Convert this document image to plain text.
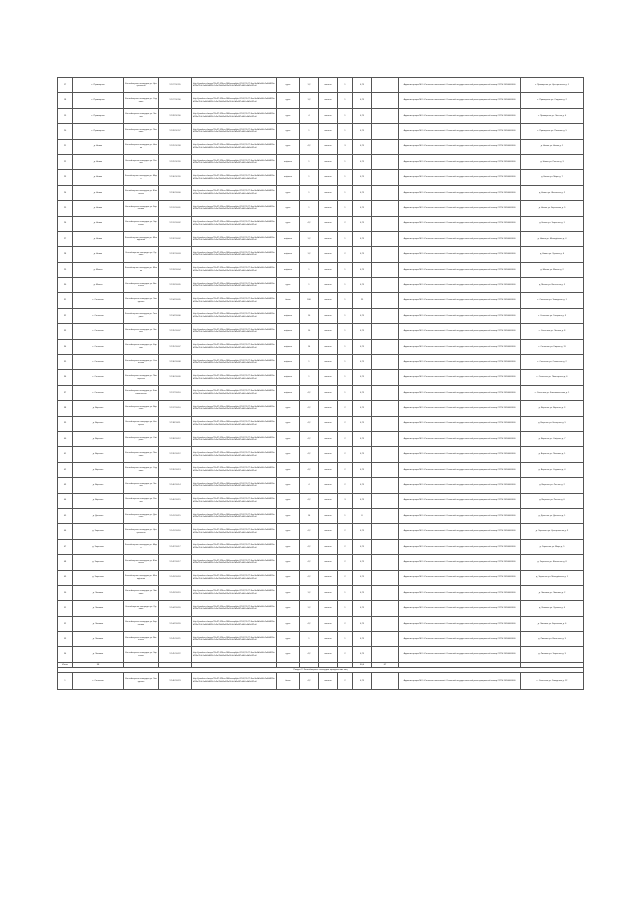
17	с. Примерное	Контейнерная площадка ул. Центральная	57.27 52.95	http://yandex.ru/maps/?ll=37.62&z=16&l=map&pt=37.62,55.75 6ee3a4d0a96c2e4b8f39ad2f0e7b1c5a4b9d8f2e1c3a7b6d5e4f3a2b1c0d9e8f7a6b5c4d3e2f1a0	грунт	1,2	металл	1	0,75		Администрация МО «Сельское поселение» Основной государственный регистрационный номер ОГРН 1050000000	с. Примерное ул. Центральная д. 1
18	с. Примерное	Контейнерная площадка ул. Садовая	57.27 52.96	http://yandex.ru/maps/?ll=37.62&z=16&l=map&pt=37.62,55.75 6ee3a4d0a96c2e4b8f39ad2f0e7b1c5a4b9d8f2e1c3a7b6d5e4f3a2b1c0d9e8f7a6b5c4d3e2f1a0	грунт	1,2	металл	1	0,75		Администрация МО «Сельское поселение» Основной государственный регистрационный номер ОГРН 1050000000	с. Примерное ул. Садовая д. 2
19	с. Примерное	Контейнерная площадка ул. Лесная	57.28 52.96	http://yandex.ru/maps/?ll=37.62&z=16&l=map&pt=37.62,55.75 6ee3a4d0a96c2e4b8f39ad2f0e7b1c5a4b9d8f2e1c3a7b6d5e4f3a2b1c0d9e8f7a6b5c4d3e2f1a0	грунт	4	металл	1	0,75		Администрация МО «Сельское поселение» Основной государственный регистрационный номер ОГРН 1050000000	с. Примерное ул. Лесная д. 4
20	с. Примерное	Контейнерная площадка ул. Полевая	57.28 52.97	http://yandex.ru/maps/?ll=37.62&z=16&l=map&pt=37.62,55.75 6ee3a4d0a96c2e4b8f39ad2f0e7b1c5a4b9d8f2e1c3a7b6d5e4f3a2b1c0d9e8f7a6b5c4d3e2f1a0	грунт	1	металл	1	0,75		Администрация МО «Сельское поселение» Основной государственный регистрационный номер ОГРН 1050000000	с. Примерное ул. Полевая д. 5
21	д. Новая	Контейнерная площадка ул. Новая	57.29 52.98	http://yandex.ru/maps/?ll=37.62&z=16&l=map&pt=37.62,55.75 6ee3a4d0a96c2e4b8f39ad2f0e7b1c5a4b9d8f2e1c3a7b6d5e4f3a2b1c0d9e8f7a6b5c4d3e2f1a0	грунт	4,2	металл	3	0,75		Администрация МО «Сельское поселение» Основной государственный регистрационный номер ОГРН 1050000000	д. Новая ул. Новая д. 1
22	д. Новая	Контейнерная площадка ул. Речная	57.29 52.99	http://yandex.ru/maps/?ll=37.62&z=16&l=map&pt=37.62,55.75 6ee3a4d0a96c2e4b8f39ad2f0e7b1c5a4b9d8f2e1c3a7b6d5e4f3a2b1c0d9e8f7a6b5c4d3e2f1a0	асфальт	1	металл	1	0,75		Администрация МО «Сельское поселение» Основной государственный регистрационный номер ОГРН 1050000000	д. Новая ул. Речная д. 3
23	д. Новая	Контейнерная площадка ул. Мира	57.30 52.99	http://yandex.ru/maps/?ll=37.62&z=16&l=map&pt=37.62,55.75 6ee3a4d0a96c2e4b8f39ad2f0e7b1c5a4b9d8f2e1c3a7b6d5e4f3a2b1c0d9e8f7a6b5c4d3e2f1a0	асфальт	1	металл	1	0,75		Администрация МО «Сельское поселение» Основной государственный регистрационный номер ОГРН 1050000000	д. Новая ул. Мира д. 7
24	д. Новая	Контейнерная площадка ул. Школьная	57.30 53.00	http://yandex.ru/maps/?ll=37.62&z=16&l=map&pt=37.62,55.75 6ee3a4d0a96c2e4b8f39ad2f0e7b1c5a4b9d8f2e1c3a7b6d5e4f3a2b1c0d9e8f7a6b5c4d3e2f1a0	грунт	1	металл	1	0,75		Администрация МО «Сельское поселение» Основной государственный регистрационный номер ОГРН 1050000000	д. Новая ул. Школьная д. 2
25	д. Новая	Контейнерная площадка ул. Береговая	57.31 53.01	http://yandex.ru/maps/?ll=37.62&z=16&l=map&pt=37.62,55.75 6ee3a4d0a96c2e4b8f39ad2f0e7b1c5a4b9d8f2e1c3a7b6d5e4f3a2b1c0d9e8f7a6b5c4d3e2f1a0	грунт	1	металл	1	0,75		Администрация МО «Сельское поселение» Основной государственный регистрационный номер ОГРН 1050000000	д. Новая ул. Береговая д. 9
26	д. Новая	Контейнерная площадка ул. Заречная	57.31 53.02	http://yandex.ru/maps/?ll=37.62&z=16&l=map&pt=37.62,55.75 6ee3a4d0a96c2e4b8f39ad2f0e7b1c5a4b9d8f2e1c3a7b6d5e4f3a2b1c0d9e8f7a6b5c4d3e2f1a0	грунт	4,2	металл	2	0,75		Администрация МО «Сельское поселение» Основной государственный регистрационный номер ОГРН 1050000000	д. Новая ул. Заречная д. 1
27	д. Новая	Контейнерная площадка ул. Молодёжная	57.32 53.02	http://yandex.ru/maps/?ll=37.62&z=16&l=map&pt=37.62,55.75 6ee3a4d0a96c2e4b8f39ad2f0e7b1c5a4b9d8f2e1c3a7b6d5e4f3a2b1c0d9e8f7a6b5c4d3e2f1a0	асфальт	1,2	металл	1	0,75		Администрация МО «Сельское поселение» Основной государственный регистрационный номер ОГРН 1050000000	д. Новая ул. Молодёжная д. 4
28	д. Новая	Контейнерная площадка ул. Луговая	57.32 53.03	http://yandex.ru/maps/?ll=37.62&z=16&l=map&pt=37.62,55.75 6ee3a4d0a96c2e4b8f39ad2f0e7b1c5a4b9d8f2e1c3a7b6d5e4f3a2b1c0d9e8f7a6b5c4d3e2f1a0	асфальт	1,2	металл	2	0,75		Администрация МО «Сельское поселение» Основной государственный регистрационный номер ОГРН 1050000000	д. Новая ул. Луговая д. 6
29	д. Малая	Контейнерная площадка ул. Малая	57.33 53.04	http://yandex.ru/maps/?ll=37.62&z=16&l=map&pt=37.62,55.75 6ee3a4d0a96c2e4b8f39ad2f0e7b1c5a4b9d8f2e1c3a7b6d5e4f3a2b1c0d9e8f7a6b5c4d3e2f1a0	асфальт	1	металл	1	0,75		Администрация МО «Сельское поселение» Основной государственный регистрационный номер ОГРН 1050000000	д. Малая ул. Малая д. 2
30	д. Малая	Контейнерная площадка ул. Весенняя	57.33 53.05	http://yandex.ru/maps/?ll=37.62&z=16&l=map&pt=37.62,55.75 6ee3a4d0a96c2e4b8f39ad2f0e7b1c5a4b9d8f2e1c3a7b6d5e4f3a2b1c0d9e8f7a6b5c4d3e2f1a0	грунт	1	металл	1	0,75		Администрация МО «Сельское поселение» Основной государственный регистрационный номер ОГРН 1050000000	д. Малая ул. Весенняя д. 5
31	с. Сельское	Контейнерная площадка ул. Заводская	57.34 53.05	http://yandex.ru/maps/?ll=37.62&z=16&l=map&pt=37.62,55.75 6ee3a4d0a96c2e4b8f39ad2f0e7b1c5a4b9d8f2e1c3a7b6d5e4f3a2b1c0d9e8f7a6b5c4d3e2f1a0	бетон	180	металл	1	25		Администрация МО «Сельское поселение» Основной государственный регистрационный номер ОГРН 1050000000	с. Сельское ул. Заводская д. 1
32	с. Сельское	Контейнерная площадка ул. Гагарина	57.34 53.06	http://yandex.ru/maps/?ll=37.62&z=16&l=map&pt=37.62,55.75 6ee3a4d0a96c2e4b8f39ad2f0e7b1c5a4b9d8f2e1c3a7b6d5e4f3a2b1c0d9e8f7a6b5c4d3e2f1a0	асфальт	10	металл	1	0,75		Администрация МО «Сельское поселение» Основной государственный регистрационный номер ОГРН 1050000000	с. Сельское ул. Гагарина д. 3
33	с. Сельское	Контейнерная площадка ул. Ленина	57.35 53.07	http://yandex.ru/maps/?ll=37.62&z=16&l=map&pt=37.62,55.75 6ee3a4d0a96c2e4b8f39ad2f0e7b1c5a4b9d8f2e1c3a7b6d5e4f3a2b1c0d9e8f7a6b5c4d3e2f1a0	асфальт	10	металл	1	0,75		Администрация МО «Сельское поселение» Основной государственный регистрационный номер ОГРН 1050000000	с. Сельское ул. Ленина д. 8
34	с. Сельское	Контейнерная площадка ул. Кирова	57.35 53.07	http://yandex.ru/maps/?ll=37.62&z=16&l=map&pt=37.62,55.75 6ee3a4d0a96c2e4b8f39ad2f0e7b1c5a4b9d8f2e1c3a7b6d5e4f3a2b1c0d9e8f7a6b5c4d3e2f1a0	асфальт	14	металл	1	0,75		Администрация МО «Сельское поселение» Основной государственный регистрационный номер ОГРН 1050000000	с. Сельское ул. Кирова д. 11
35	с. Сельское	Контейнерная площадка ул. Советская	57.36 53.08	http://yandex.ru/maps/?ll=37.62&z=16&l=map&pt=37.62,55.75 6ee3a4d0a96c2e4b8f39ad2f0e7b1c5a4b9d8f2e1c3a7b6d5e4f3a2b1c0d9e8f7a6b5c4d3e2f1a0	асфальт	1	металл	1	0,75		Администрация МО «Сельское поселение» Основной государственный регистрационный номер ОГРН 1050000000	с. Сельское ул. Советская д. 2
36	с. Сельское	Контейнерная площадка ул. Пионерская	57.36 53.09	http://yandex.ru/maps/?ll=37.62&z=16&l=map&pt=37.62,55.75 6ee3a4d0a96c2e4b8f39ad2f0e7b1c5a4b9d8f2e1c3a7b6d5e4f3a2b1c0d9e8f7a6b5c4d3e2f1a0	асфальт	1	металл	1	0,75		Администрация МО «Сельское поселение» Основной государственный регистрационный номер ОГРН 1050000000	с. Сельское ул. Пионерская д. 6
37	с. Сельское	Контейнерная площадка ул. Комсомольская	57.37 53.10	http://yandex.ru/maps/?ll=37.62&z=16&l=map&pt=37.62,55.75 6ee3a4d0a96c2e4b8f39ad2f0e7b1c5a4b9d8f2e1c3a7b6d5e4f3a2b1c0d9e8f7a6b5c4d3e2f1a0	асфальт	4,2	металл	1	0,75		Администрация МО «Сельское поселение» Основной государственный регистрационный номер ОГРН 1050000000	с. Сельское ул. Комсомольская д. 1
38	д. Верхняя	Контейнерная площадка ул. Верхняя	57.37 53.10	http://yandex.ru/maps/?ll=37.62&z=16&l=map&pt=37.62,55.75 6ee3a4d0a96c2e4b8f39ad2f0e7b1c5a4b9d8f2e1c3a7b6d5e4f3a2b1c0d9e8f7a6b5c4d3e2f1a0	грунт	4,2	металл	2	0,75		Администрация МО «Сельское поселение» Основной государственный регистрационный номер ОГРН 1050000000	д. Верхняя ул. Верхняя д. 3
39	д. Верхняя	Контейнерная площадка ул. Нагорная	57.38 53.11	http://yandex.ru/maps/?ll=37.62&z=16&l=map&pt=37.62,55.75 6ee3a4d0a96c2e4b8f39ad2f0e7b1c5a4b9d8f2e1c3a7b6d5e4f3a2b1c0d9e8f7a6b5c4d3e2f1a0	грунт	4,2	металл	2	0,75		Администрация МО «Сельское поселение» Основной государственный регистрационный номер ОГРН 1050000000	д. Верхняя ул. Нагорная д. 5
40	д. Верхняя	Контейнерная площадка ул. Озёрная	57.38 53.12	http://yandex.ru/maps/?ll=37.62&z=16&l=map&pt=37.62,55.75 6ee3a4d0a96c2e4b8f39ad2f0e7b1c5a4b9d8f2e1c3a7b6d5e4f3a2b1c0d9e8f7a6b5c4d3e2f1a0	грунт	4,2	металл	2	0,75		Администрация МО «Сельское поселение» Основной государственный регистрационный номер ОГРН 1050000000	д. Верхняя ул. Озёрная д. 7
41	д. Верхняя	Контейнерная площадка ул. Полевая	57.39 53.12	http://yandex.ru/maps/?ll=37.62&z=16&l=map&pt=37.62,55.75 6ee3a4d0a96c2e4b8f39ad2f0e7b1c5a4b9d8f2e1c3a7b6d5e4f3a2b1c0d9e8f7a6b5c4d3e2f1a0	грунт	4,2	металл	2	0,75		Администрация МО «Сельское поселение» Основной государственный регистрационный номер ОГРН 1050000000	д. Верхняя ул. Полевая д. 1
42	д. Верхняя	Контейнерная площадка ул. Садовая	57.39 53.13	http://yandex.ru/maps/?ll=37.62&z=16&l=map&pt=37.62,55.75 6ee3a4d0a96c2e4b8f39ad2f0e7b1c5a4b9d8f2e1c3a7b6d5e4f3a2b1c0d9e8f7a6b5c4d3e2f1a0	грунт	4,2	металл	2	0,75		Администрация МО «Сельское поселение» Основной государственный регистрационный номер ОГРН 1050000000	д. Верхняя ул. Садовая д. 4
43	д. Верхняя	Контейнерная площадка ул. Лесная	57.40 53.14	http://yandex.ru/maps/?ll=37.62&z=16&l=map&pt=37.62,55.75 6ee3a4d0a96c2e4b8f39ad2f0e7b1c5a4b9d8f2e1c3a7b6d5e4f3a2b1c0d9e8f7a6b5c4d3e2f1a0	грунт	4	металл	2	0,75		Администрация МО «Сельское поселение» Основной государственный регистрационный номер ОГРН 1050000000	д. Верхняя ул. Лесная д. 2
44	д. Верхняя	Контейнерная площадка ул. Речная	57.40 53.15	http://yandex.ru/maps/?ll=37.62&z=16&l=map&pt=37.62,55.75 6ee3a4d0a96c2e4b8f39ad2f0e7b1c5a4b9d8f2e1c3a7b6d5e4f3a2b1c0d9e8f7a6b5c4d3e2f1a0	грунт	4,2	металл	3	0,75		Администрация МО «Сельское поселение» Основной государственный регистрационный номер ОГРН 1050000000	д. Верхняя ул. Речная д. 6
45	д. Дальняя	Контейнерная площадка ул. Дальняя	57.41 53.15	http://yandex.ru/maps/?ll=37.62&z=16&l=map&pt=37.62,55.75 6ee3a4d0a96c2e4b8f39ad2f0e7b1c5a4b9d8f2e1c3a7b6d5e4f3a2b1c0d9e8f7a6b5c4d3e2f1a0	грунт	16	металл	1	8		Администрация МО «Сельское поселение» Основной государственный регистрационный номер ОГРН 1050000000	д. Дальняя ул. Дальняя д. 1
46	д. Заречная	Контейнерная площадка ул. Центральная	57.41 53.16	http://yandex.ru/maps/?ll=37.62&z=16&l=map&pt=37.62,55.75 6ee3a4d0a96c2e4b8f39ad2f0e7b1c5a4b9d8f2e1c3a7b6d5e4f3a2b1c0d9e8f7a6b5c4d3e2f1a0	грунт	4,2	металл	2	0,75		Администрация МО «Сельское поселение» Основной государственный регистрационный номер ОГРН 1050000000	д. Заречная ул. Центральная д. 3
47	д. Заречная	Контейнерная площадка ул. Мира	57.42 53.17	http://yandex.ru/maps/?ll=37.62&z=16&l=map&pt=37.62,55.75 6ee3a4d0a96c2e4b8f39ad2f0e7b1c5a4b9d8f2e1c3a7b6d5e4f3a2b1c0d9e8f7a6b5c4d3e2f1a0	грунт	4,2	металл	2	0,75		Администрация МО «Сельское поселение» Основной государственный регистрационный номер ОГРН 1050000000	д. Заречная ул. Мира д. 5
48	д. Заречная	Контейнерная площадка ул. Школьная	57.42 53.17	http://yandex.ru/maps/?ll=37.62&z=16&l=map&pt=37.62,55.75 6ee3a4d0a96c2e4b8f39ad2f0e7b1c5a4b9d8f2e1c3a7b6d5e4f3a2b1c0d9e8f7a6b5c4d3e2f1a0	грунт	4,2	металл	2	0,75		Администрация МО «Сельское поселение» Основной государственный регистрационный номер ОГРН 1050000000	д. Заречная ул. Школьная д. 8
49	д. Заречная	Контейнерная площадка ул. Молодёжная	57.43 53.18	http://yandex.ru/maps/?ll=37.62&z=16&l=map&pt=37.62,55.75 6ee3a4d0a96c2e4b8f39ad2f0e7b1c5a4b9d8f2e1c3a7b6d5e4f3a2b1c0d9e8f7a6b5c4d3e2f1a0	грунт	4,2	металл	2	0,75		Администрация МО «Сельское поселение» Основной государственный регистрационный номер ОГРН 1050000000	д. Заречная ул. Молодёжная д. 1
50	д. Липовка	Контейнерная площадка ул. Липовая	57.43 53.19	http://yandex.ru/maps/?ll=37.62&z=16&l=map&pt=37.62,55.75 6ee3a4d0a96c2e4b8f39ad2f0e7b1c5a4b9d8f2e1c3a7b6d5e4f3a2b1c0d9e8f7a6b5c4d3e2f1a0	грунт	1,2	металл	1	0,75		Администрация МО «Сельское поселение» Основной государственный регистрационный номер ОГРН 1050000000	д. Липовка ул. Липовая д. 2
51	д. Липовка	Контейнерная площадка ул. Луговая	57.44 53.20	http://yandex.ru/maps/?ll=37.62&z=16&l=map&pt=37.62,55.75 6ee3a4d0a96c2e4b8f39ad2f0e7b1c5a4b9d8f2e1c3a7b6d5e4f3a2b1c0d9e8f7a6b5c4d3e2f1a0	грунт	1,2	металл	1	0,75		Администрация МО «Сельское поселение» Основной государственный регистрационный номер ОГРН 1050000000	д. Липовка ул. Луговая д. 4
52	д. Липовка	Контейнерная площадка ул. Береговая	57.44 53.20	http://yandex.ru/maps/?ll=37.62&z=16&l=map&pt=37.62,55.75 6ee3a4d0a96c2e4b8f39ad2f0e7b1c5a4b9d8f2e1c3a7b6d5e4f3a2b1c0d9e8f7a6b5c4d3e2f1a0	грунт	4,2	металл	2	0,75		Администрация МО «Сельское поселение» Основной государственный регистрационный номер ОГРН 1050000000	д. Липовка ул. Береговая д. 6
53	д. Липовка	Контейнерная площадка ул. Весенняя	57.45 53.21	http://yandex.ru/maps/?ll=37.62&z=16&l=map&pt=37.62,55.75 6ee3a4d0a96c2e4b8f39ad2f0e7b1c5a4b9d8f2e1c3a7b6d5e4f3a2b1c0d9e8f7a6b5c4d3e2f1a0	грунт	1	металл	1	0,75		Администрация МО «Сельское поселение» Основной государственный регистрационный номер ОГРН 1050000000	д. Липовка ул. Весенняя д. 9
54	д. Липовка	Контейнерная площадка ул. Заречная	57.45 53.22	http://yandex.ru/maps/?ll=37.62&z=16&l=map&pt=37.62,55.75 6ee3a4d0a96c2e4b8f39ad2f0e7b1c5a4b9d8f2e1c3a7b6d5e4f3a2b1c0d9e8f7a6b5c4d3e2f1a0	грунт	4,2	металл	2	0,75		Администрация МО «Сельское поселение» Основной государственный регистрационный номер ОГРН 1050000000	д. Липовка ул. Заречная д. 3
Итого	38								50,4	67		
Раздел 2. Контейнерные площадки юридических лиц												
1	с. Сельское	Контейнерная площадка ул. Заводская	57.46 53.23	http://yandex.ru/maps/?ll=37.62&z=16&l=map&pt=37.62,55.75 6ee3a4d0a96c2e4b8f39ad2f0e7b1c5a4b9d8f2e1c3a7b6d5e4f3a2b1c0d9e8f7a6b5c4d3e2f1a0	бетон	4,2	металл	2	0,75		Администрация МО «Сельское поселение» Основной государственный регистрационный номер ОГРН 1050000000	с. Сельское ул. Заводская д. 12
